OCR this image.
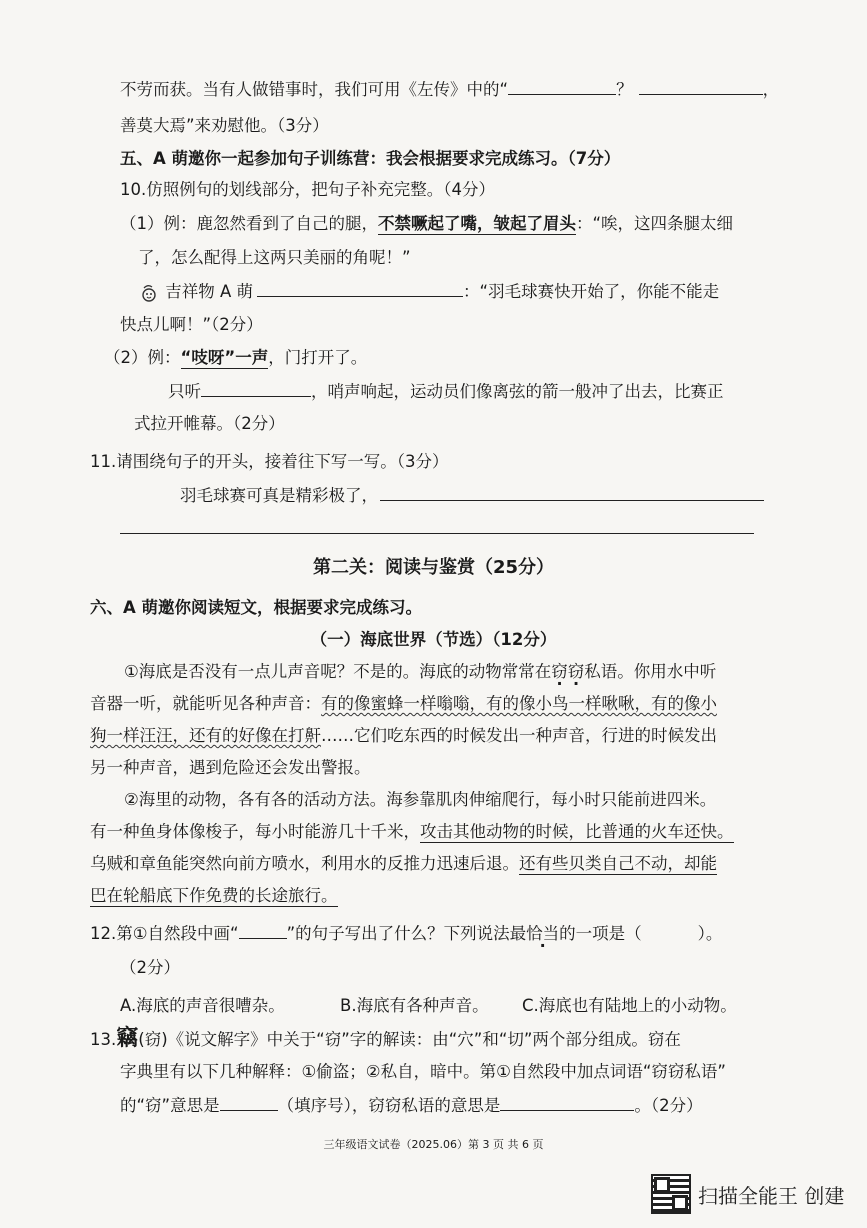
不劳而获。当有人做错事时，我们可用《左传》中的“	？	，
善莫大焉”来劝慰他。（3分）
五、A 萌邀你一起参加句子训练营：我会根据要求完成练习。（7分）
10.仿照例句的划线部分，把句子补充完整。（4分）
（1）例：鹿忽然看到了自己的腿，不禁噘起了嘴，皱起了眉头：“唉，这四条腿太细
了，怎么配得上这两只美丽的角呢！”
吉祥物 A 萌	：“羽毛球赛快开始了，你能不能走
快点儿啊！”（2分）
（2）例：“吱呀”一声，门打开了。
只听	，哨声响起，运动员们像离弦的箭一般冲了出去，比赛正
式拉开帷幕。（2分）
11.请围绕句子的开头，接着往下写一写。（3分）
羽毛球赛可真是精彩极了，
第二关：阅读与鉴赏（25分）
六、A 萌邀你阅读短文，根据要求完成练习。
（一）海底世界（节选）（12分）
①海底是否没有一点儿声音呢？不是的。海底的动物常常在窃窃私语。你用水中听
音器一听，就能听见各种声音：有的像蜜蜂一样嗡嗡，有的像小鸟一样啾啾，有的像小
狗一样汪汪，还有的好像在打鼾……它们吃东西的时候发出一种声音，行进的时候发出
另一种声音，遇到危险还会发出警报。
②海里的动物，各有各的活动方法。海参靠肌肉伸缩爬行，每小时只能前进四米。
有一种鱼身体像梭子，每小时能游几十千米，攻击其他动物的时候，比普通的火车还快。
乌贼和章鱼能突然向前方喷水，利用水的反推力迅速后退。还有些贝类自己不动，却能
巴在轮船底下作免费的长途旅行。
12.第①自然段中画“	”的句子写出了什么？下列说法最恰当的一项是（	）。
（2分）
A.海底的声音很嘈杂。	B.海底有各种声音。 C.海底也有陆地上的小动物。
13.竊(窃)《说文解字》中关于“窃”字的解读：由“穴”和“切”两个部分组成。窃在
字典里有以下几种解释：①偷盗；②私自，暗中。第①自然段中加点词语“窃窃私语”
的“窃”意思是	（填序号），窃窃私语的意思是	。（2分）
三年级语文试卷（2025.06）第 3 页 共 6 页
扫描全能王 创建
